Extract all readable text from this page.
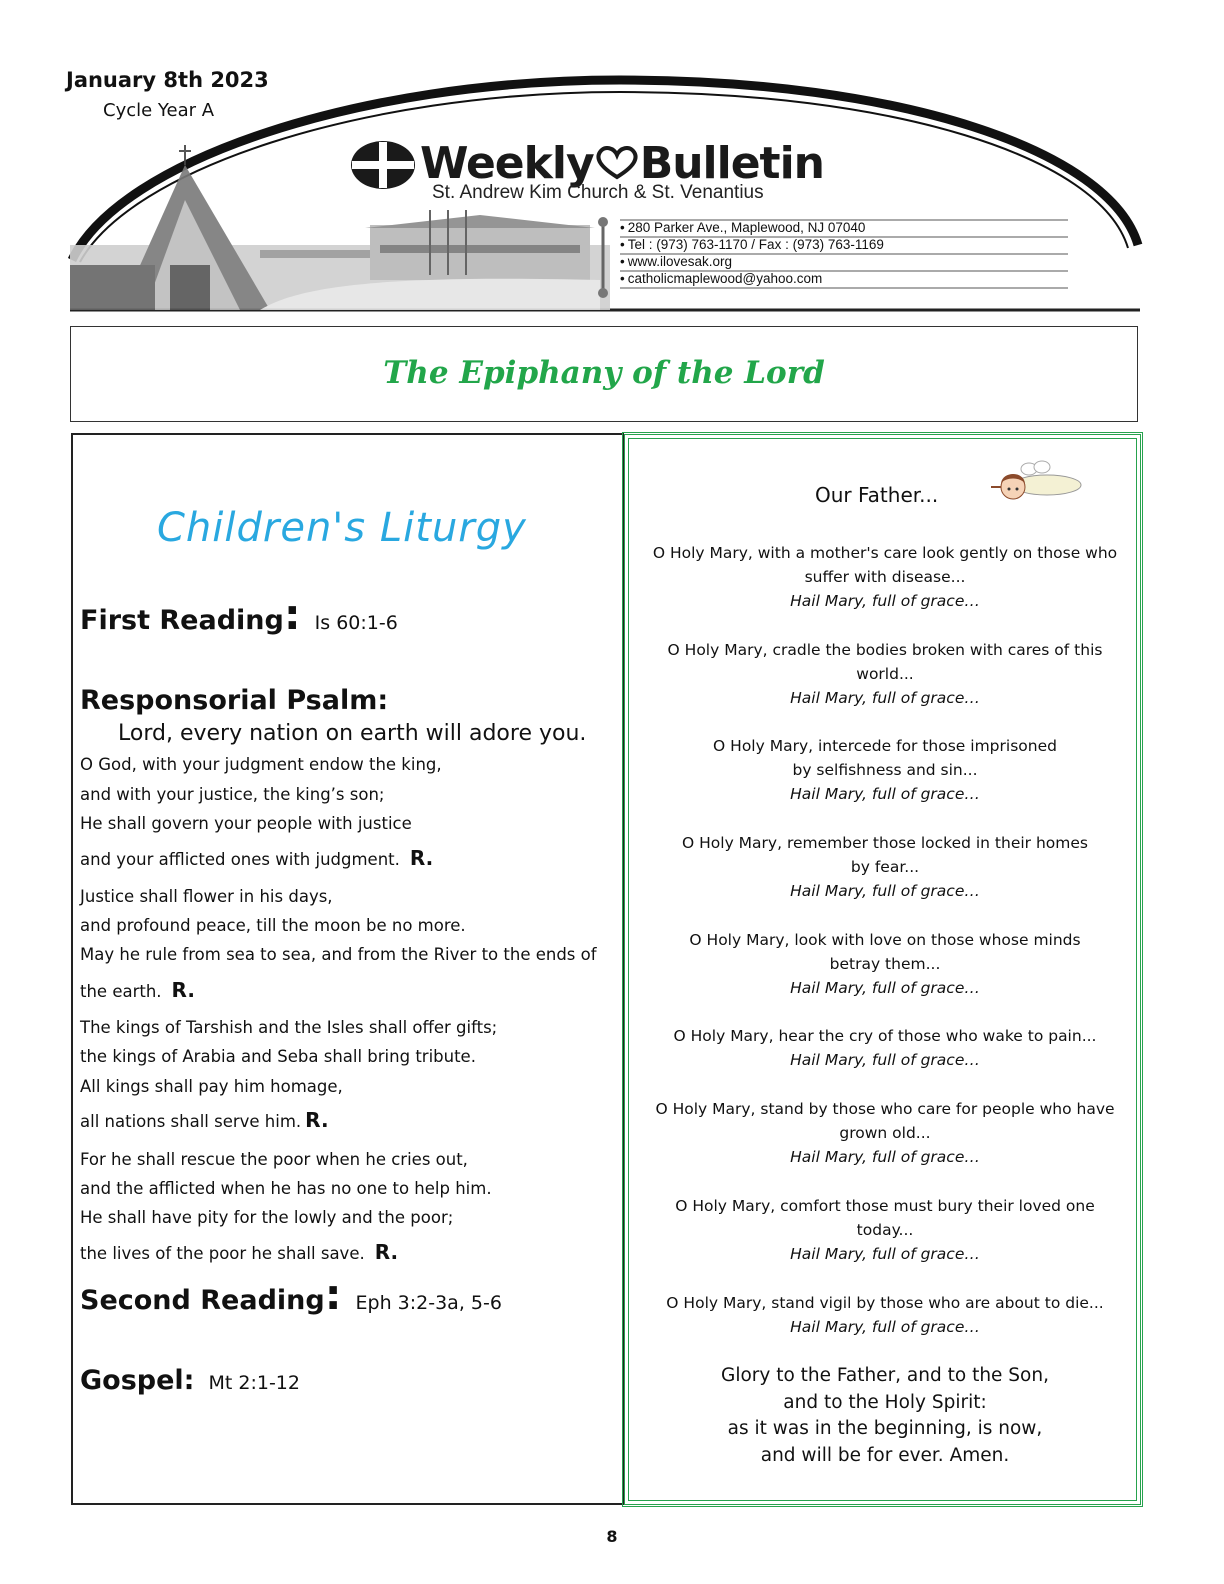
January 8th 2023
Cycle Year A
Weekly Bulletin
St. Andrew Kim Church & St. Venantius
• 280 Parker Ave., Maplewood, NJ 07040
• Tel : (973) 763-1170 / Fax : (973) 763-1169
• www.ilovesak.org
• catholicmaplewood@yahoo.com
The Epiphany of the Lord
Children's Liturgy
First Reading: Is 60:1-6
Responsorial Psalm:
Lord, every nation on earth will adore you.
O God, with your judgment endow the king,
and with your justice, the king’s son;
He shall govern your people with justice
and your afflicted ones with judgment. R.
Justice shall flower in his days,
and profound peace, till the moon be no more.
May he rule from sea to sea, and from the River to the ends of
the earth. R.
The kings of Tarshish and the Isles shall offer gifts;
the kings of Arabia and Seba shall bring tribute.
All kings shall pay him homage,
all nations shall serve him. R.
For he shall rescue the poor when he cries out,
and the afflicted when he has no one to help him.
He shall have pity for the lowly and the poor;
the lives of the poor he shall save. R.
Second Reading: Eph 3:2-3a, 5-6
Gospel: Mt 2:1-12
Our Father...
O Holy Mary, with a mother's care look gently on those who
suffer with disease...
Hail Mary, full of grace…
O Holy Mary, cradle the bodies broken with cares of this
world...
Hail Mary, full of grace…
O Holy Mary, intercede for those imprisoned
by selfishness and sin...
Hail Mary, full of grace…
O Holy Mary, remember those locked in their homes
by fear...
Hail Mary, full of grace…
O Holy Mary, look with love on those whose minds
betray them...
Hail Mary, full of grace…
O Holy Mary, hear the cry of those who wake to pain...
Hail Mary, full of grace…
O Holy Mary, stand by those who care for people who have
grown old...
Hail Mary, full of grace…
O Holy Mary, comfort those must bury their loved one
today...
Hail Mary, full of grace…
O Holy Mary, stand vigil by those who are about to die...
Hail Mary, full of grace…
Glory to the Father, and to the Son,
and to the Holy Spirit:
as it was in the beginning, is now,
and will be for ever. Amen.
8
